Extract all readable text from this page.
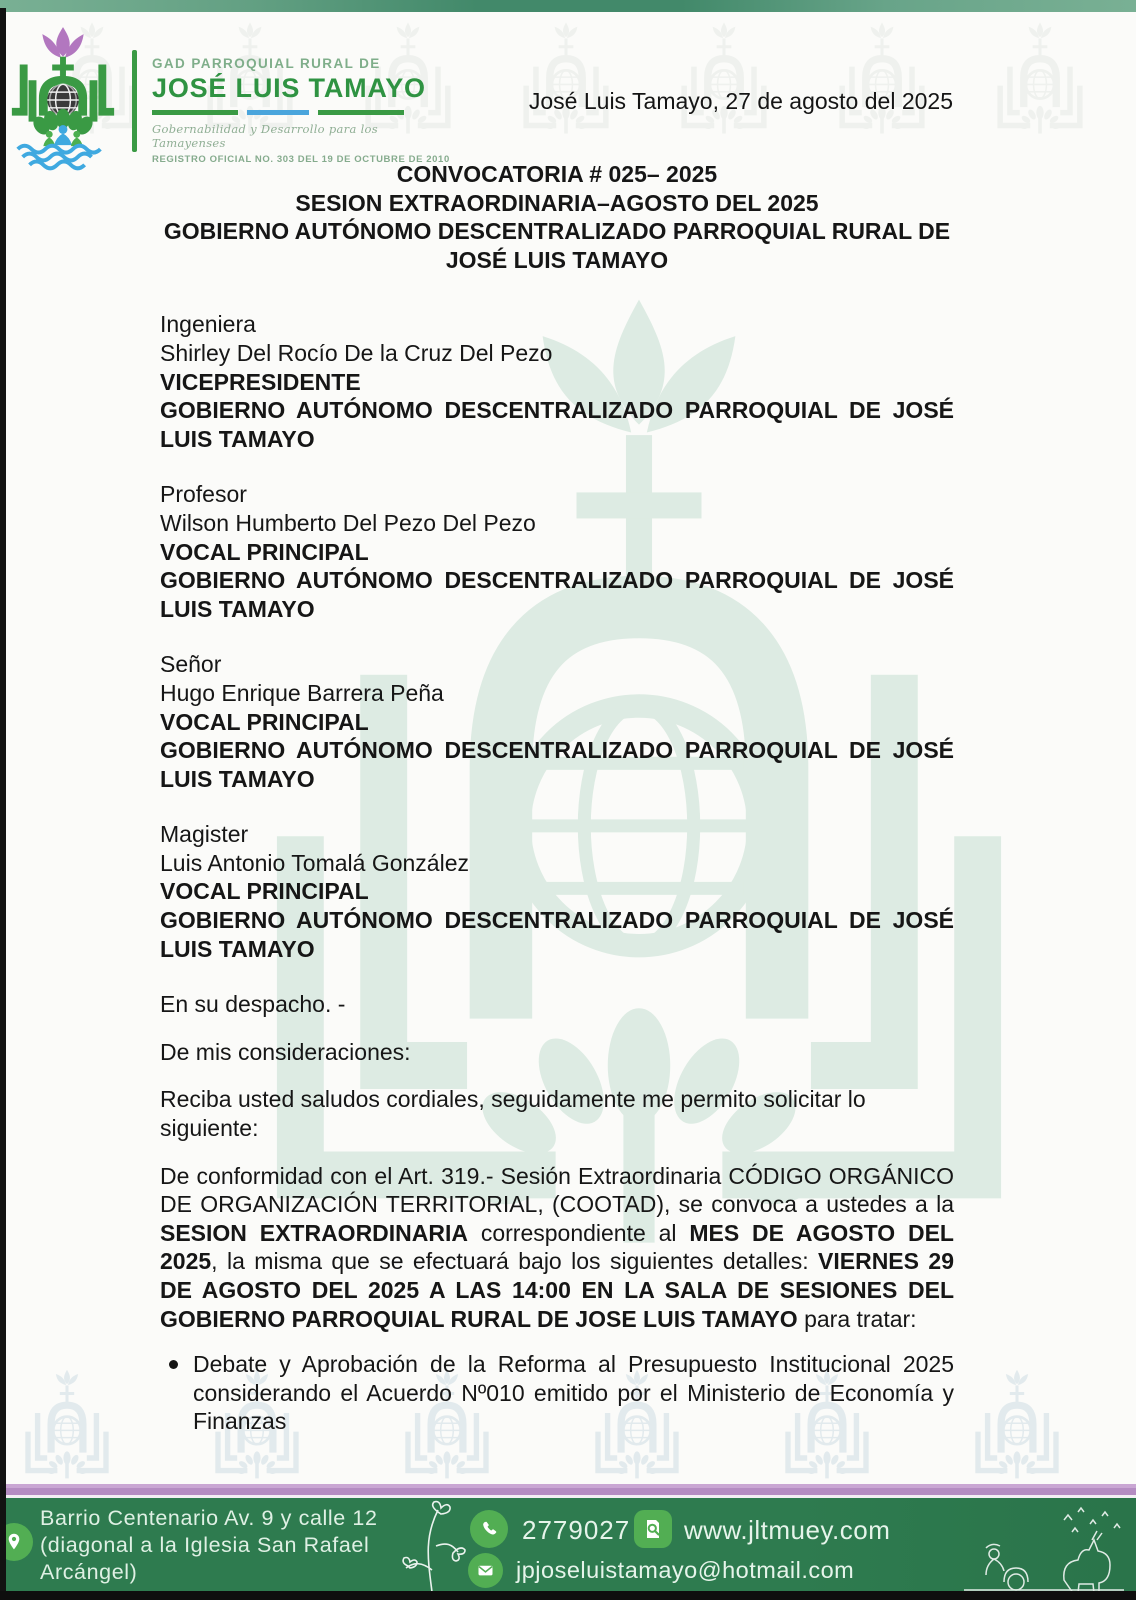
GAD PARROQUIAL RURAL DE
JOSÉ LUIS TAMAYO
Gobernabilidad y Desarrollo para los Tamayenses
REGISTRO OFICIAL NO. 303 DEL 19 DE OCTUBRE DE 2010
José Luis Tamayo, 27 de agosto del 2025
CONVOCATORIA # 025– 2025
SESION EXTRAORDINARIA–AGOSTO DEL 2025
GOBIERNO AUTÓNOMO DESCENTRALIZADO PARROQUIAL RURAL DE JOSÉ LUIS TAMAYO
Ingeniera
Shirley Del Rocío De la Cruz Del Pezo
VICEPRESIDENTE
GOBIERNO AUTÓNOMO DESCENTRALIZADO PARROQUIAL DE JOSÉ LUIS TAMAYO
Profesor
Wilson Humberto Del Pezo Del Pezo
VOCAL PRINCIPAL
GOBIERNO AUTÓNOMO DESCENTRALIZADO PARROQUIAL DE JOSÉ LUIS TAMAYO
Señor
Hugo Enrique Barrera Peña
VOCAL PRINCIPAL
GOBIERNO AUTÓNOMO DESCENTRALIZADO PARROQUIAL DE JOSÉ LUIS TAMAYO
Magister
Luis Antonio Tomalá González
VOCAL PRINCIPAL
GOBIERNO AUTÓNOMO DESCENTRALIZADO PARROQUIAL DE JOSÉ LUIS TAMAYO

En su despacho. -

De mis consideraciones:

Reciba usted saludos cordiales, seguidamente me permito solicitar lo siguiente:

De conformidad con el Art. 319.- Sesión Extraordinaria CÓDIGO ORGÁNICO DE ORGANIZACIÓN TERRITORIAL, (COOTAD), se convoca a ustedes a la SESION EXTRAORDINARIA correspondiente al MES DE AGOSTO DEL 2025, la misma que se efectuará bajo los siguientes detalles: VIERNES 29 DE AGOSTO DEL 2025 A LAS 14:00 EN LA SALA DE SESIONES DEL GOBIERNO PARROQUIAL RURAL DE JOSE LUIS TAMAYO para tratar:

Debate y Aprobación de la Reforma al Presupuesto Institucional 2025 considerando el Acuerdo Nº010 emitido por el Ministerio de Economía y Finanzas
Barrio Centenario Av. 9 y calle 12
(diagonal a la Iglesia San Rafael
Arcángel)
2779027 www.jltmuey.com
jpjoseluistamayo@hotmail.com
